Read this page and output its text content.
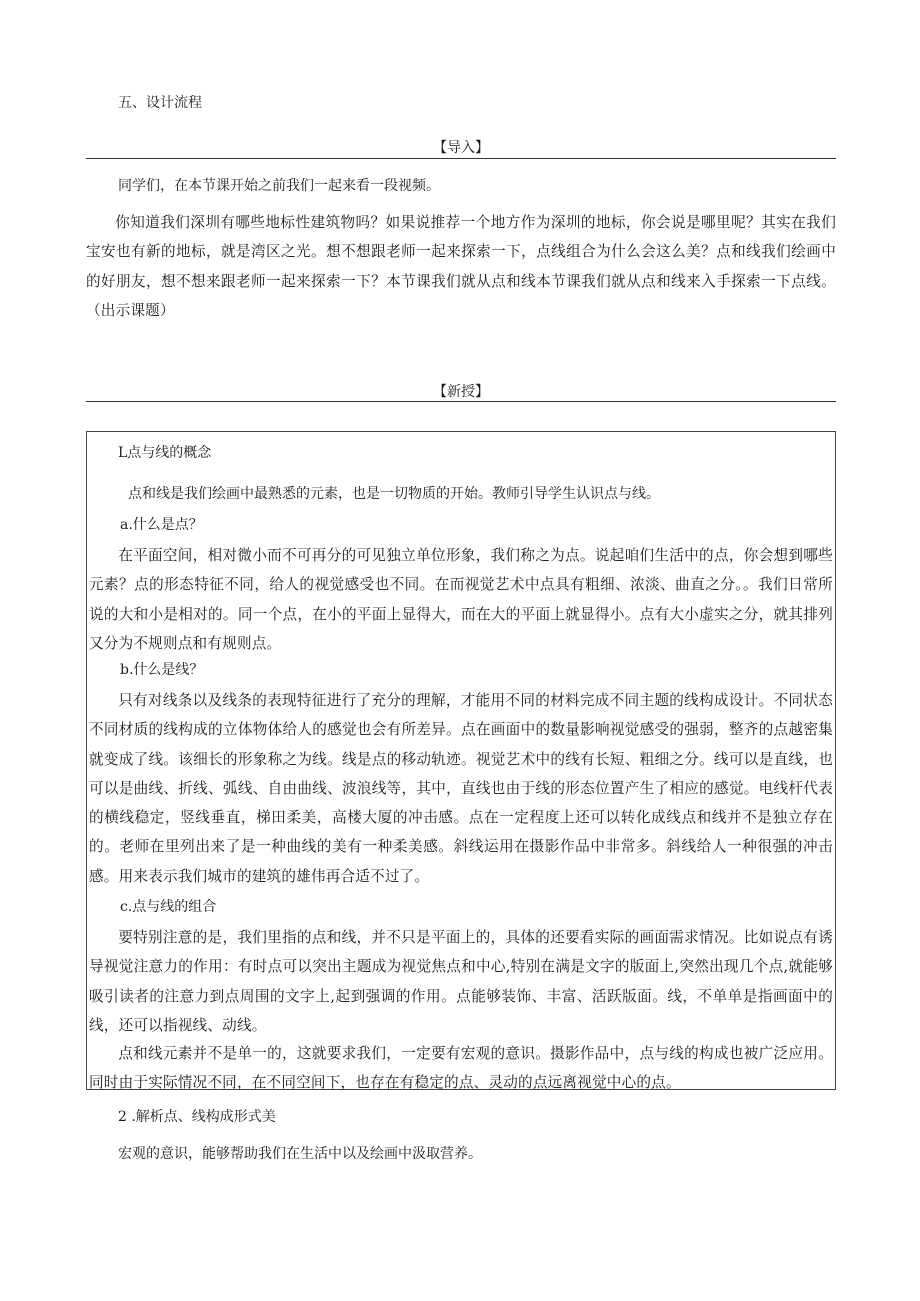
五、设计流程
【导入】
同学们，在本节课开始之前我们一起来看一段视频。
你知道我们深圳有哪些地标性建筑物吗？如果说推荐一个地方作为深圳的地标，你会说是哪里呢？其实在我们宝安也有新的地标，就是湾区之光。想不想跟老师一起来探索一下，点线组合为什么会这么美？点和线我们绘画中的好朋友，想不想来跟老师一起来探索一下？本节课我们就从点和线本节课我们就从点和线来入手探索一下点线。（出示课题）
【新授】
L点与线的概念
点和线是我们绘画中最熟悉的元素，也是一切物质的开始。教师引导学生认识点与线。
a.什么是点？
在平面空间，相对微小而不可再分的可见独立单位形象，我们称之为点。说起咱们生活中的点，你会想到哪些元素？点的形态特征不同，给人的视觉感受也不同。在而视觉艺术中点具有粗细、浓淡、曲直之分。。我们日常所说的大和小是相对的。同一个点，在小的平面上显得大，而在大的平面上就显得小。点有大小虚实之分，就其排列又分为不规则点和有规则点。
b.什么是线？
只有对线条以及线条的表现特征进行了充分的理解，才能用不同的材料完成不同主题的线构成设计。不同状态不同材质的线构成的立体物体给人的感觉也会有所差异。点在画面中的数量影响视觉感受的强弱，整齐的点越密集就变成了线。该细长的形象称之为线。线是点的移动轨迹。视觉艺术中的线有长短、粗细之分。线可以是直线，也可以是曲线、折线、弧线、自由曲线、波浪线等，其中，直线也由于线的形态位置产生了相应的感觉。电线杆代表的横线稳定，竖线垂直，梯田柔美，高楼大厦的冲击感。点在一定程度上还可以转化成线点和线并不是独立存在的。老师在里列出来了是一种曲线的美有一种柔美感。斜线运用在摄影作品中非常多。斜线给人一种很强的冲击感。用来表示我们城市的建筑的雄伟再合适不过了。
c.点与线的组合
要特别注意的是，我们里指的点和线，并不只是平面上的，具体的还要看实际的画面需求情况。比如说点有诱导视觉注意力的作用：有时点可以突出主题成为视觉焦点和中心,特别在满是文字的版面上,突然出现几个点,就能够吸引读者的注意力到点周围的文字上,起到强调的作用。点能够装饰、丰富、活跃版面。线，不单单是指画面中的线，还可以指视线、动线。
点和线元素并不是单一的，这就要求我们，一定要有宏观的意识。摄影作品中，点与线的构成也被广泛应用。同时由于实际情况不同，在不同空间下，也存在有稳定的点、灵动的点远离视觉中心的点。
2 .解析点、线构成形式美
宏观的意识，能够帮助我们在生活中以及绘画中汲取营养。
